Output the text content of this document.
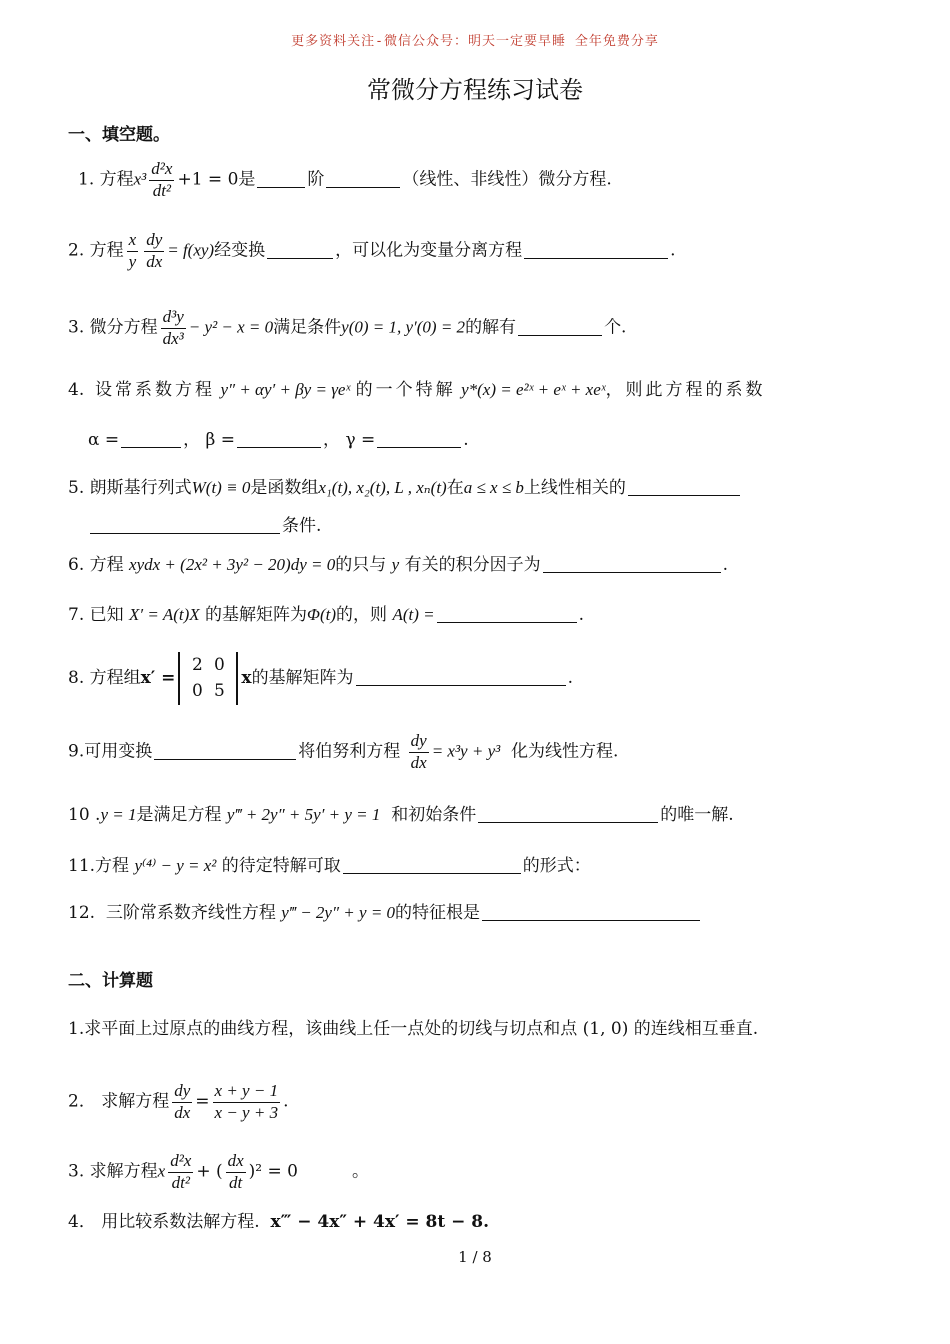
更多资料关注-微信公众号：明天一定要早睡 全年免费分享
常微分方程练习试卷
一、填空题。
1. 方程$x^3 \frac{\text{d²x}}{\text{dt²}} +1 = 0$是	阶	（线性、非线性）微分方程.
2. 方程 $\frac{x}{y} \frac{dy}{dx} = f(xy)$经变换	，可以化为变量分离方程	.
3. 微分方程 $\frac{\text{d³y}}{\text{dx³}} - y^2 - x = 0$满足条件y(0) = 1, y′(0) = 2的解有	个.
4. 设常系数方程 y″ + αy′ + βy = γeˣ 的一个特解 y*(x) = e²ˣ + eˣ + xeˣ，则此方程的系数
α =	， β =	， γ =	.
5. 朗斯基行列式W(t) ≡ 0是函数组x₁(t), x₂(t), L , xₙ(t)在a ≤ x ≤ b上线性相关的
条件.
6. 方程 xydx + (2x² + 3y² − 20)dy = 0的只与 y 有关的积分因子为	.
7. 已知 X′ = A(t)X 的基解矩阵为Φ(t)的，则 A(t) =	.
8. 方程组x′ =2 0
0 5x的基解矩阵为	.
9.可用变换	将伯努利方程 $\frac{dy}{dx} = x^3y + y^3$ 化为线性方程.
10 .y = 1是满足方程 y‴ + 2y″ + 5y′ + y = 1 和初始条件	的唯一解.
11.方程 y⁽⁴⁾ − y = x² 的待定特解可取	的形式：
12. 三阶常系数齐线性方程 y‴ − 2y″ + y = 0的特征根是
二、计算题
1.求平面上过原点的曲线方程，该曲线上任一点处的切线与切点和点 (1, 0) 的连线相互垂直.
2． 求解方程 $\frac{dy}{dx} = \frac{x + y - 1}{x - y + 3}$ .
3. 求解方程x $\frac{\text{d²x}}{\text{dt²}}$ + ( $\frac{dx}{dt} )^2 = 0$	。
4． 用比较系数法解方程. x‴ − 4x″ + 4x′ = 8t − 8.
1 / 8
